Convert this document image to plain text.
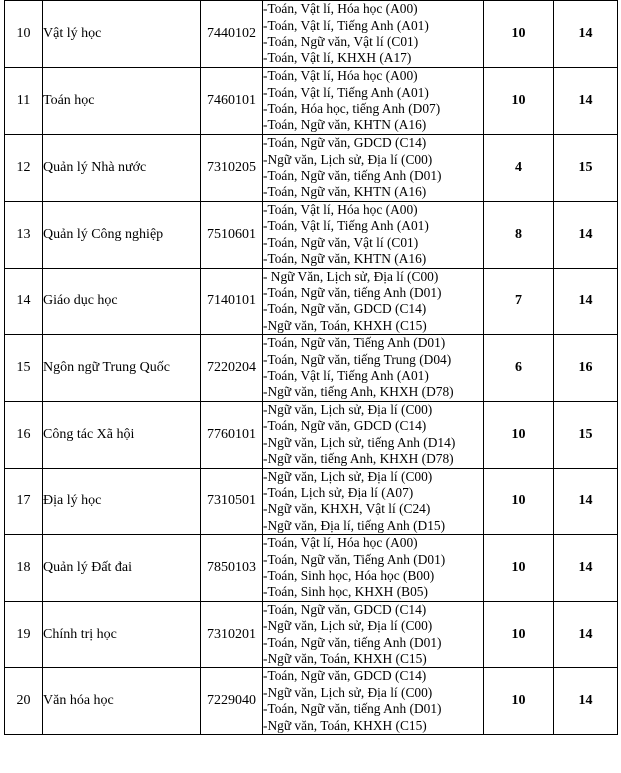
10	Vật lý học	7440102	-Toán, Vật lí, Hóa học (A00)
-Toán, Vật lí, Tiếng Anh (A01)
-Toán, Ngữ văn, Vật lí (C01)
-Toán, Vật lí, KHXH (A17)	10	14
11	Toán học	7460101	-Toán, Vật lí, Hóa học (A00)
-Toán, Vật lí, Tiếng Anh (A01)
-Toán, Hóa học, tiếng Anh (D07)
-Toán, Ngữ văn, KHTN (A16)	10	14
12	Quản lý Nhà nước	7310205	-Toán, Ngữ văn, GDCD (C14)
-Ngữ văn, Lịch sử, Địa lí (C00)
-Toán, Ngữ văn, tiếng Anh (D01)
-Toán, Ngữ văn, KHTN (A16)	4	15
13	Quản lý Công nghiệp	7510601	-Toán, Vật lí, Hóa học (A00)
-Toán, Vật lí, Tiếng Anh (A01)
-Toán, Ngữ văn, Vật lí (C01)
-Toán, Ngữ văn, KHTN (A16)	8	14
14	Giáo dục học	7140101	- Ngữ Văn, Lịch sử, Địa lí (C00)
-Toán, Ngữ văn, tiếng Anh (D01)
-Toán, Ngữ văn, GDCD (C14)
-Ngữ văn, Toán, KHXH (C15)	7	14
15	Ngôn ngữ Trung Quốc	7220204	-Toán, Ngữ văn, Tiếng Anh (D01)
-Toán, Ngữ văn, tiếng Trung (D04)
-Toán, Vật lí, Tiếng Anh (A01)
-Ngữ văn, tiếng Anh, KHXH (D78)	6	16
16	Công tác Xã hội	7760101	-Ngữ văn, Lịch sử, Địa lí (C00)
-Toán, Ngữ văn, GDCD (C14)
-Ngữ văn, Lịch sử, tiếng Anh (D14)
-Ngữ văn, tiếng Anh, KHXH (D78)	10	15
17	Địa lý học	7310501	-Ngữ văn, Lịch sử, Địa lí (C00)
-Toán, Lịch sử, Địa lí (A07)
-Ngữ văn, KHXH, Vật lí (C24)
-Ngữ văn, Địa lí, tiếng Anh (D15)	10	14
18	Quản lý Đất đai	7850103	-Toán, Vật lí, Hóa học (A00)
-Toán, Ngữ văn, Tiếng Anh (D01)
-Toán, Sinh học, Hóa học (B00)
-Toán, Sinh học, KHXH (B05)	10	14
19	Chính trị học	7310201	-Toán, Ngữ văn, GDCD (C14)
-Ngữ văn, Lịch sử, Địa lí (C00)
-Toán, Ngữ văn, tiếng Anh (D01)
-Ngữ văn, Toán, KHXH (C15)	10	14
20	Văn hóa học	7229040	-Toán, Ngữ văn, GDCD (C14)
-Ngữ văn, Lịch sử, Địa lí (C00)
-Toán, Ngữ văn, tiếng Anh (D01)
-Ngữ văn, Toán, KHXH (C15)	10	14
